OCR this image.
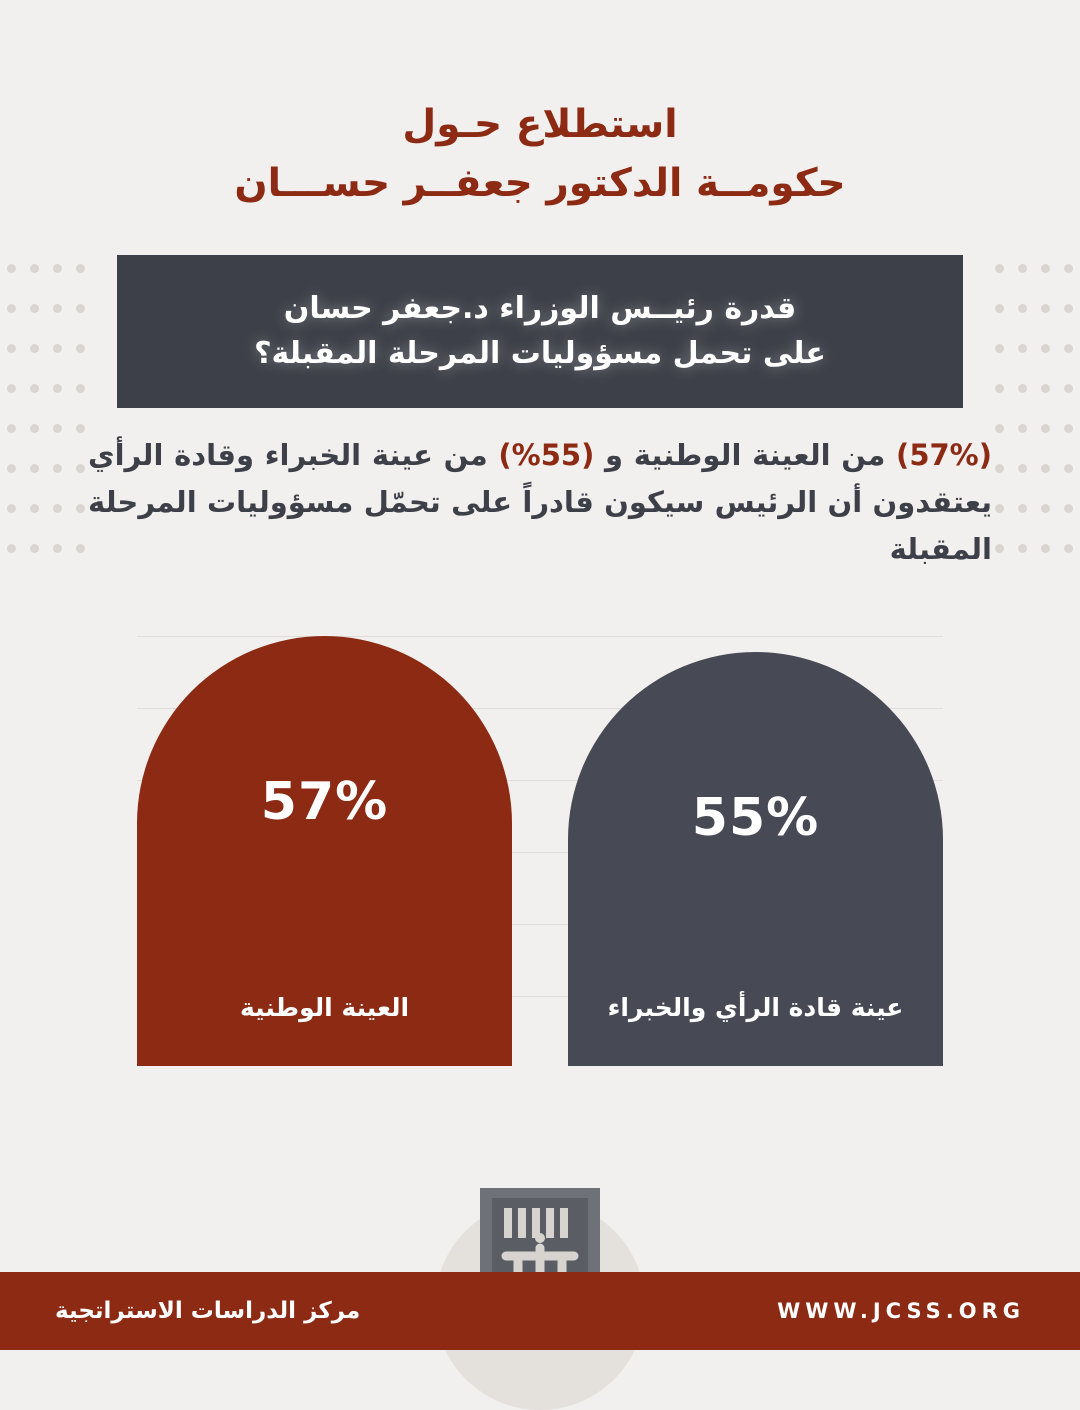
استطلاع حـول
حكومــة الدكتور جعفــر حســـان
قدرة رئيــس الوزراء د.جعفر حسان
على تحمل مسؤوليات المرحلة المقبلة؟
(57%) من العينة الوطنية و (55%) من عينة الخبراء وقادة الرأي يعتقدون أن الرئيس سيكون قادراً على تحمّل مسؤوليات المرحلة المقبلة
57%
العينة الوطنية
55%
عينة قادة الرأي والخبراء
WWW.JCSS.ORG
مركز الدراسات الاستراتجية
